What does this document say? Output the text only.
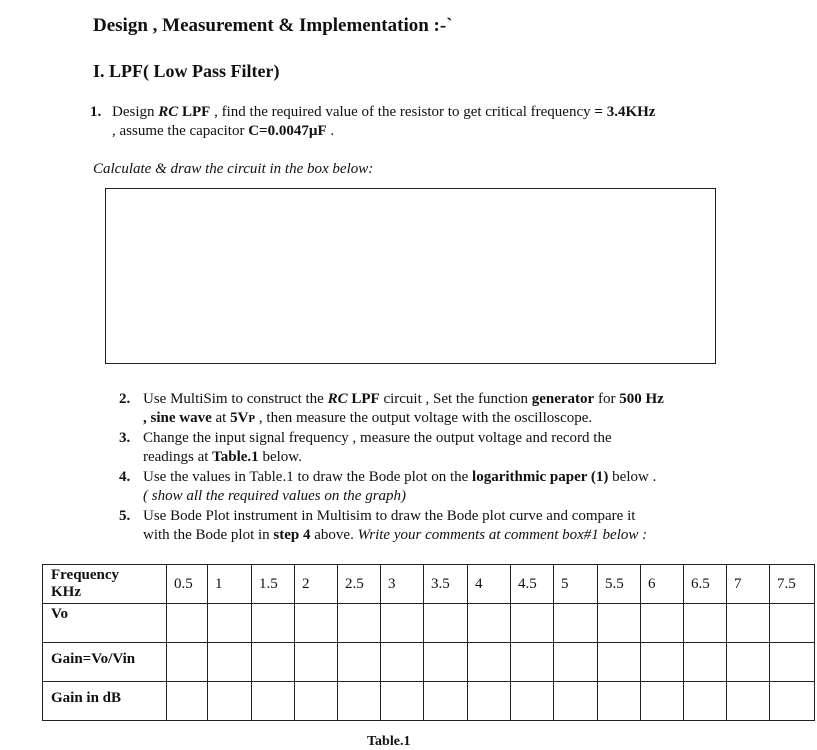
Design , Measurement & Implementation :-`
I. LPF( Low Pass Filter)
1. Design RC LPF , find the required value of the resistor to get critical frequency = 3.4KHz
, assume the capacitor C=0.0047µF .
Calculate & draw the circuit in the box below:
2. Use MultiSim to construct the RC LPF circuit , Set the function generator for 500 Hz
, sine wave at 5VP , then measure the output voltage with the oscilloscope.
3. Change the input signal frequency , measure the output voltage and record the
readings at Table.1 below.
4. Use the values in Table.1 to draw the Bode plot on the logarithmic paper (1) below .
( show all the required values on the graph)
5. Use Bode Plot instrument in Multisim to draw the Bode plot curve and compare it
with the Bode plot in step 4 above. Write your comments at comment box#1 below :
Frequency
KHz	0.5	1	1.5	2	2.5	3	3.5	4	4.5	5	5.5	6	6.5	7	7.5
Vo															
Gain=Vo/Vin															
Gain in dB															
Table.1
